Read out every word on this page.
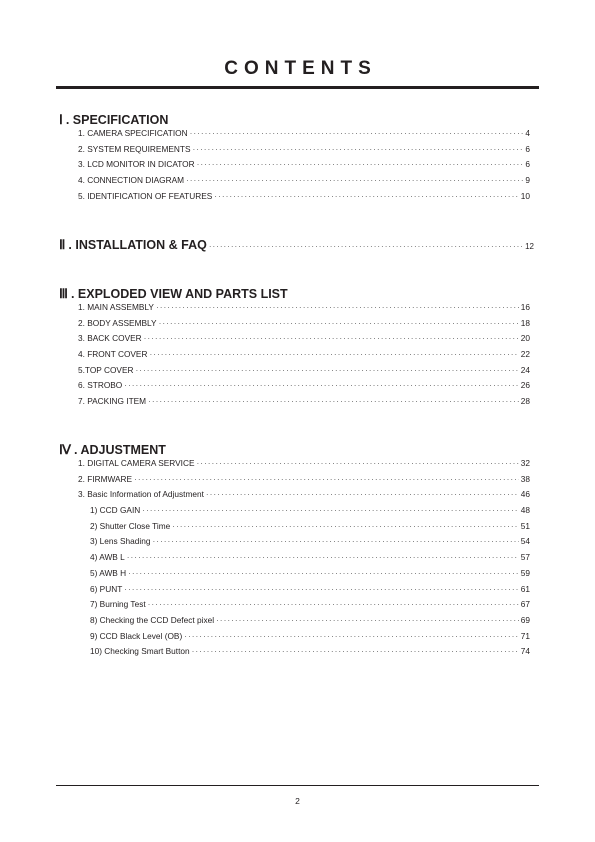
CONTENTS
Ⅰ . SPECIFICATION
1. CAMERA SPECIFICATION ·····	4
2. SYSTEM REQUIREMENTS ·····	6
3. LCD MONITOR IN DICATOR ·····	6
4. CONNECTION DIAGRAM ·····	9
5. IDENTIFICATION OF FEATURES ·····	10
Ⅱ . INSTALLATION & FAQ ·····	12
Ⅲ . EXPLODED VIEW AND PARTS LIST
1. MAIN ASSEMBLY ·····	16
2. BODY ASSEMBLY ·····	18
3. BACK COVER ·····	20
4. FRONT COVER ·····	22
5.TOP COVER ·····	24
6. STROBO ·····	26
7. PACKING ITEM ·····	28
Ⅳ . ADJUSTMENT
1. DIGITAL CAMERA SERVICE ·····	32
2. FIRMWARE ·····	38
3. Basic Information of Adjustment ·····	46
1) CCD GAIN ·····	48
2) Shutter Close Time ·····	51
3) Lens Shading ·····	54
4) AWB L ·····	57
5) AWB H ·····	59
6) PUNT ·····	61
7) Burning Test ·····	67
8) Checking the CCD Defect pixel ·····	69
9) CCD Black Level (OB) ·····	71
10) Checking Smart Button ·····	74
2
